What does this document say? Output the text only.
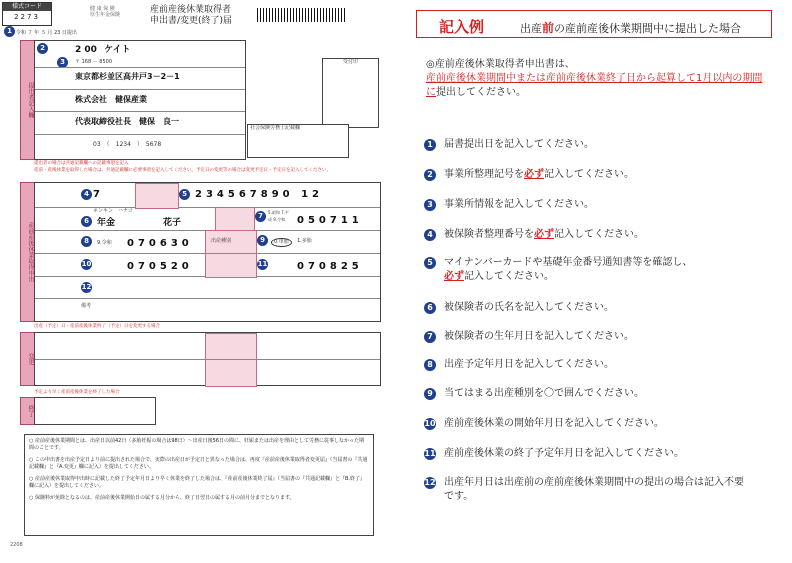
様式コード
2273
健 康 保 険
厚生年金保険	産前産後休業取得者
申出書/変更(終了)届
1 令和 ７ 年 ５ 月 23 日提出
提出者記入欄
2	2 00 ケイト
3	〒 168 － 8500
東京都杉並区高井戸3－2－1
株式会社　健保産業
代表取締役社長　健保　良一
03　（　1234　）　5678
受付印
社会保険労務士記載欄
提出者の場合は共通記載欄への記載事項を記入
産前・産後休業を取得した場合は、共通記載欄に必要事項を記入してください。予定日の変更等の場合は変更予定日・予定日を記入してください。
産前産後休業取得申出
4 7	5 234567890 12
ネンキン　ハナコ
6 年金	花子
7	5.昭和 7.平成 9.令和	050711
8	9.令和 070630	出産種別	9	0.単胎	1.多胎
10	070520	11	070825
12
備考
出産（予定）日・産前産後休業終了（予定）日を変更する場合
変更
予定より早く産前産後休業を終了した場合
終了

○ 産前産後休業期間とは、出産日以前42日（多胎妊娠の場合は98日）～出産日後56日の間に、妊娠または出産を理由として労務に従事しなかった期間のことです。

○ この申出書を出産予定日より前に提出された場合で、実際の出産日が予定日と異なった場合は、再度『産前産後休業取得者変更届』（当届書の『共通記載欄』と『A.変更』欄に記入）を提出してください。

○ 産前産後休業取得申出時に記載した終了予定年月日より早く休業を終了した場合は、『産前産後休業終了届』（当届書の『共通記載欄』と『B.終了』欄に記入）を提出してください。

○ 保険料が免除となるのは、産前産後休業開始日の属する月分から、終了日翌日の属する月の前月分までとなります。

2208
記入例	出産前の産前産後休業期間中に提出した場合
◎産前産後休業取得者申出書は、
産前産後休業期間中または産前産後休業終了日から起算して1月以内の期間に提出してください。
1 届書提出日を記入してください。
2 事業所整理記号を必ず記入してください。
3 事業所情報を記入してください。
4 被保険者整理番号を必ず記入してください。
5 マイナンバーカードや基礎年金番号通知書等を確認し、
必ず記入してください。
6 被保険者の氏名を記入してください。
7 被保険者の生年月日を記入してください。
8 出産予定年月日を記入してください。
9 当てはまる出産種別を〇で囲んでください。
10 産前産後休業の開始年月日を記入してください。
11 産前産後休業の終了予定年月日を記入してください。
12 出産年月日は出産前の産前産後休業期間中の提出の場合は記入不要です。
